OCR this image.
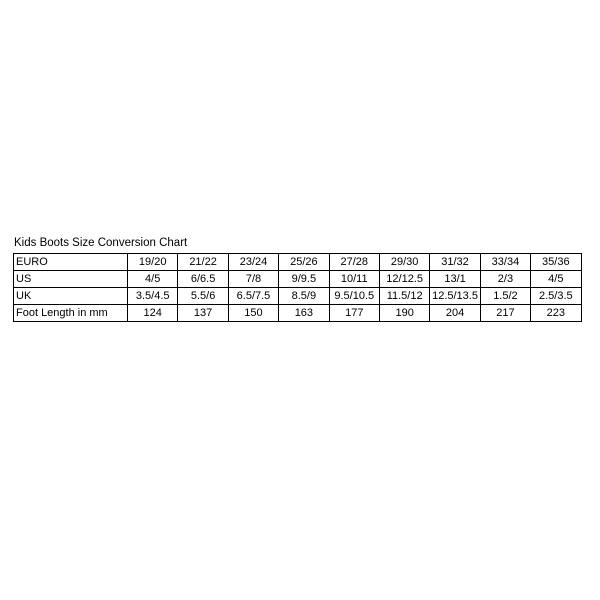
Kids Boots Size Conversion Chart
EURO	19/20	21/22	23/24	25/26	27/28	29/30	31/32	33/34	35/36
US	4/5	6/6.5	7/8	9/9.5	10/11	12/12.5	13/1	2/3	4/5
UK	3.5/4.5	5.5/6	6.5/7.5	8.5/9	9.5/10.5	11.5/12	12.5/13.5	1.5/2	2.5/3.5
Foot Length in mm	124	137	150	163	177	190	204	217	223
